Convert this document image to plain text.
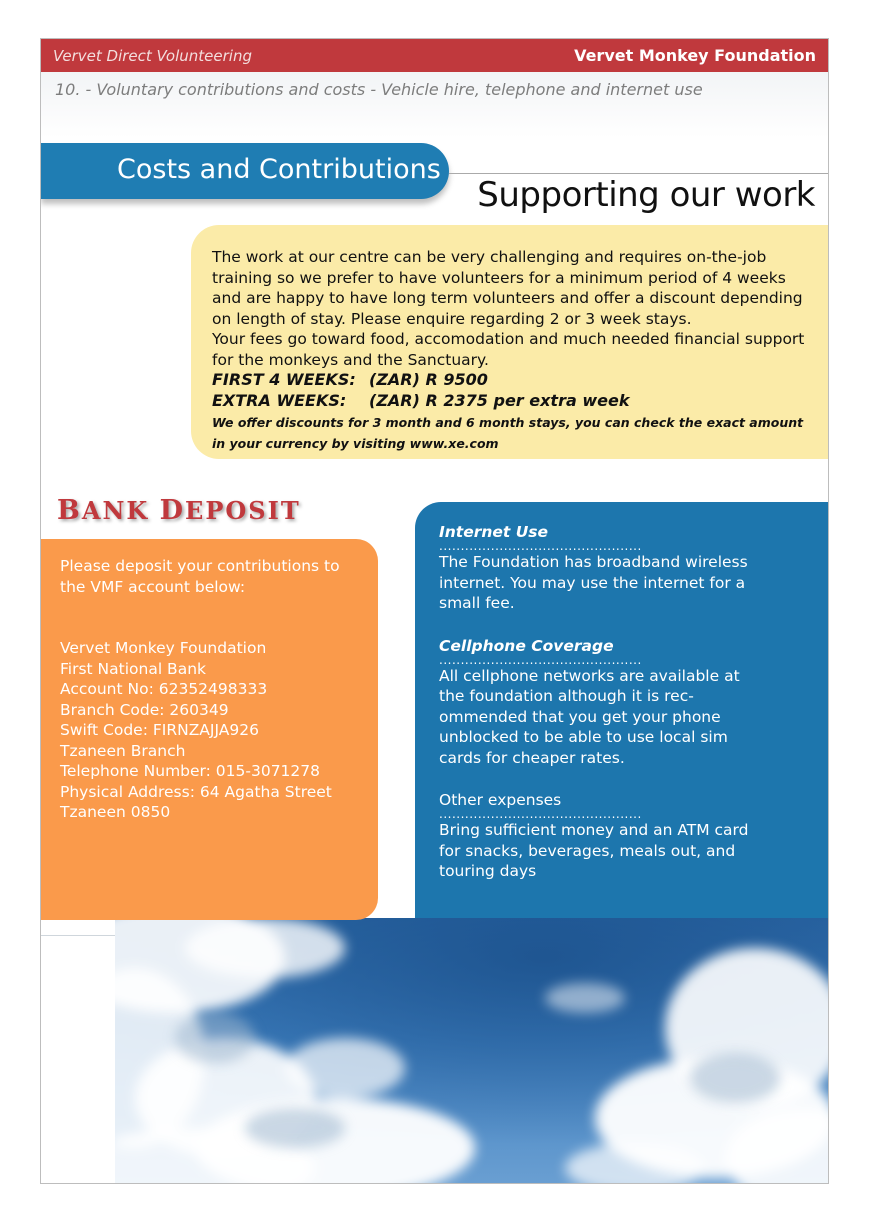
Vervet Direct Volunteering	Vervet Monkey Foundation
10. - Voluntary contributions and costs - Vehicle hire, telephone and internet use
Costs and Contributions
Supporting our work

The work at our centre can be very challenging and requires on-the-job training so we prefer to have volunteers for a minimum period of 4 weeks and are happy to have long term volunteers and offer a discount depending on length of stay. Please enquire regarding 2 or 3 week stays.

Your fees go toward food, accomodation and much needed financial support for the monkeys and the Sanctuary.

FIRST 4 WEEKS: (ZAR) R 9500
EXTRA WEEKS:	(ZAR) R 2375 per extra week
We offer discounts for 3 month and 6 month stays, you can check the exact amount in your currency by visiting www.xe.com
BANK DEPOSIT
Internet Use
...............................................
The Foundation has broadband wireless internet. You may use the internet for a small fee.
Cellphone Coverage
...............................................
All cellphone networks are available at the foundation although it is rec-ommended that you get your phone unblocked to be able to use local sim cards for cheaper rates.
Other expenses
...............................................
Bring sufficient money and an ATM card for snacks, beverages, meals out, and touring days
Please deposit your contributions to the VMF account below:
Vervet Monkey Foundation
First National Bank
Account No: 62352498333
Branch Code: 260349
Swift Code: FIRNZAJJA926
Tzaneen Branch
Telephone Number: 015-3071278
Physical Address: 64 Agatha Street
Tzaneen 0850
